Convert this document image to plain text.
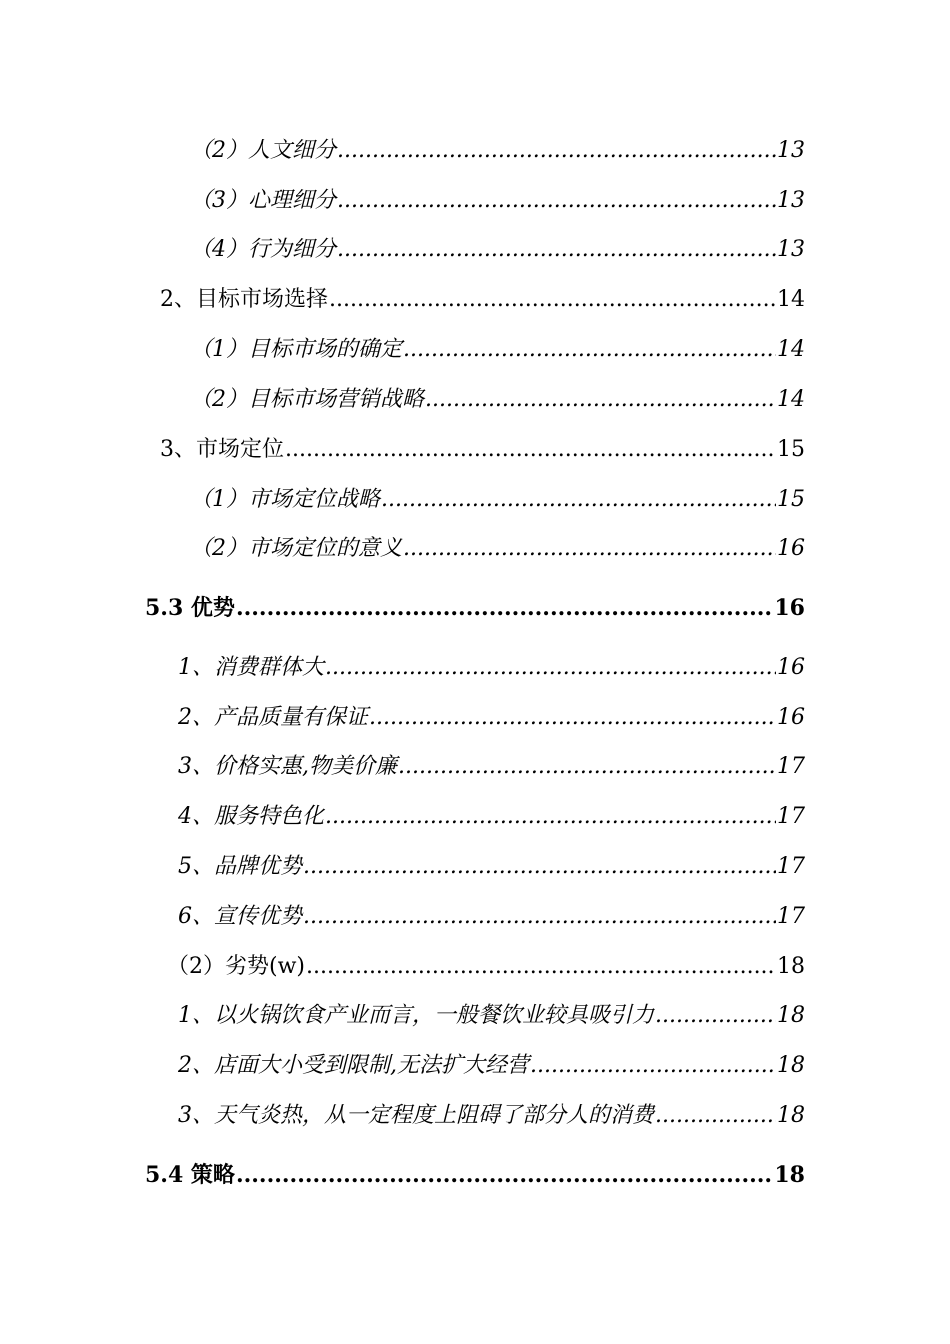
（2）人文细分 .....	13
（3）心理细分 .....	13
（4）行为细分 .....	13
2、目标市场选择 .....	14
（1）目标市场的确定 .....	14
（2）目标市场营销战略 .....	14
3、市场定位 .....	15
（1）市场定位战略 .....	15
（2）市场定位的意义 .....	16
5.3 优势 .....	16
1、消费群体大 .....	16
2、产品质量有保证 .....	16
3、价格实惠,物美价廉 .....	17
4、服务特色化 .....	17
5、品牌优势 .....	17
6、宣传优势 .....	17
（2）劣势(w) .....	18
1、以火锅饮食产业而言，一般餐饮业较具吸引力 .....	18
2、店面大小受到限制,无法扩大经营 .....	18
3、天气炎热，从一定程度上阻碍了部分人的消费 .....	18
5.4 策略 .....	18
